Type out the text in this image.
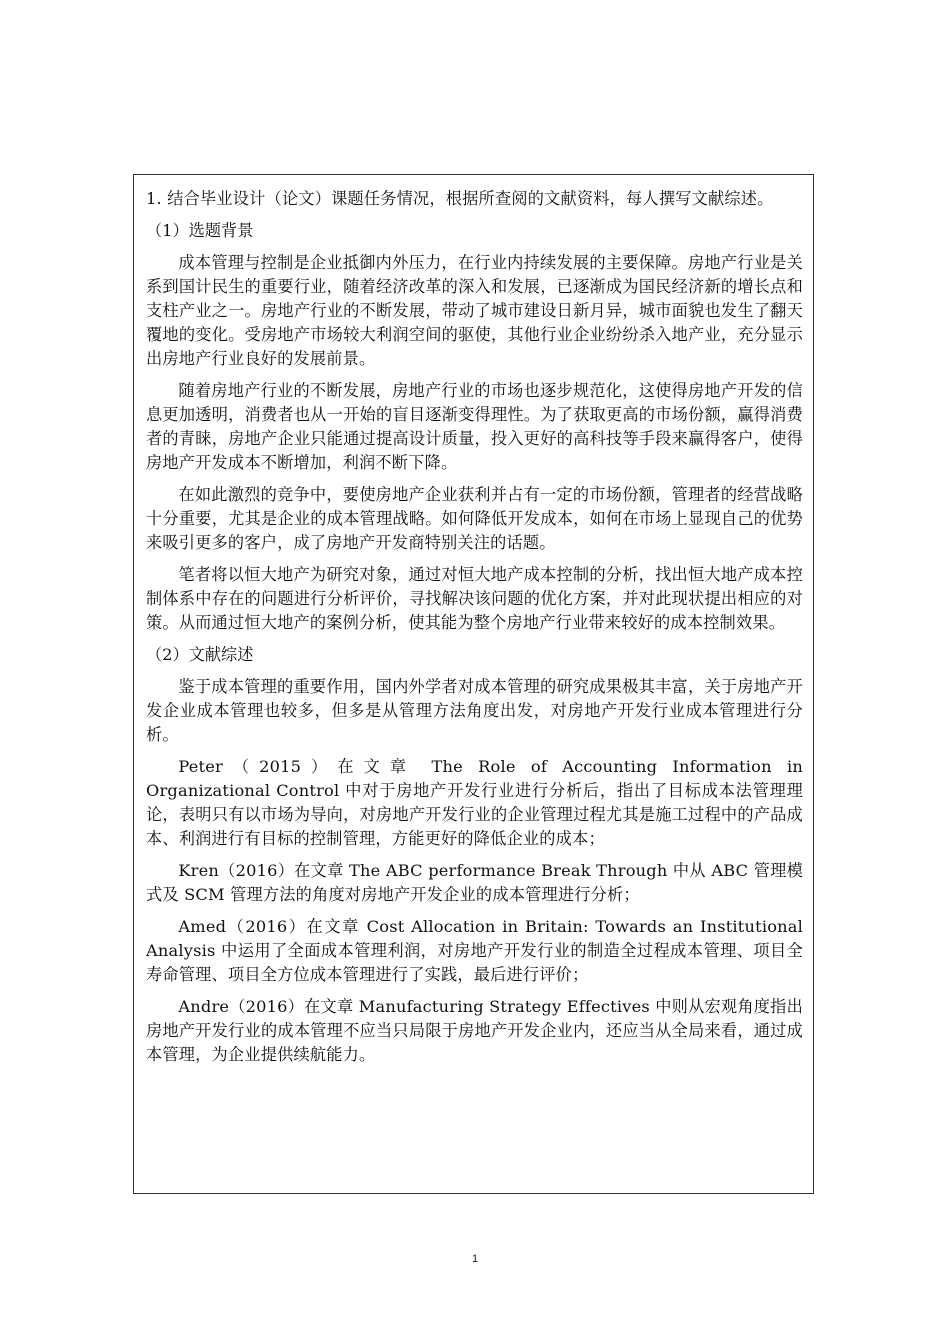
1. 结合毕业设计（论文）课题任务情况，根据所查阅的文献资料，每人撰写文献综述。

（1）选题背景

成本管理与控制是企业抵御内外压力，在行业内持续发展的主要保障。房地产行业是关系到国计民生的重要行业，随着经济改革的深入和发展，已逐渐成为国民经济新的增长点和支柱产业之一。房地产行业的不断发展，带动了城市建设日新月异，城市面貌也发生了翻天覆地的变化。受房地产市场较大利润空间的驱使，其他行业企业纷纷杀入地产业，充分显示出房地产行业良好的发展前景。

随着房地产行业的不断发展，房地产行业的市场也逐步规范化，这使得房地产开发的信息更加透明，消费者也从一开始的盲目逐渐变得理性。为了获取更高的市场份额，赢得消费者的青睐，房地产企业只能通过提高设计质量，投入更好的高科技等手段来赢得客户，使得房地产开发成本不断增加，利润不断下降。

在如此激烈的竞争中，要使房地产企业获利并占有一定的市场份额，管理者的经营战略十分重要，尤其是企业的成本管理战略。如何降低开发成本，如何在市场上显现自己的优势来吸引更多的客户，成了房地产开发商特别关注的话题。

笔者将以恒大地产为研究对象，通过对恒大地产成本控制的分析，找出恒大地产成本控制体系中存在的问题进行分析评价，寻找解决该问题的优化方案，并对此现状提出相应的对策。从而通过恒大地产的案例分析，使其能为整个房地产行业带来较好的成本控制效果。

（2）文献综述

鉴于成本管理的重要作用，国内外学者对成本管理的研究成果极其丰富，关于房地产开发企业成本管理也较多，但多是从管理方法角度出发，对房地产开发行业成本管理进行分析。

Peter（2015）在文章 The Role of Accounting Information in Organizational Control 中对于房地产开发行业进行分析后，指出了目标成本法管理理论，表明只有以市场为导向，对房地产开发行业的企业管理过程尤其是施工过程中的产品成本、利润进行有目标的控制管理，方能更好的降低企业的成本；

Kren（2016）在文章 The ABC performance Break Through 中从 ABC 管理模式及 SCM 管理方法的角度对房地产开发企业的成本管理进行分析；

Amed（2016）在文章 Cost Allocation in Britain: Towards an Institutional Analysis 中运用了全面成本管理利润，对房地产开发行业的制造全过程成本管理、项目全寿命管理、项目全方位成本管理进行了实践，最后进行评价；

Andre（2016）在文章 Manufacturing Strategy Effectives 中则从宏观角度指出房地产开发行业的成本管理不应当只局限于房地产开发企业内，还应当从全局来看，通过成本管理，为企业提供续航能力。

1
